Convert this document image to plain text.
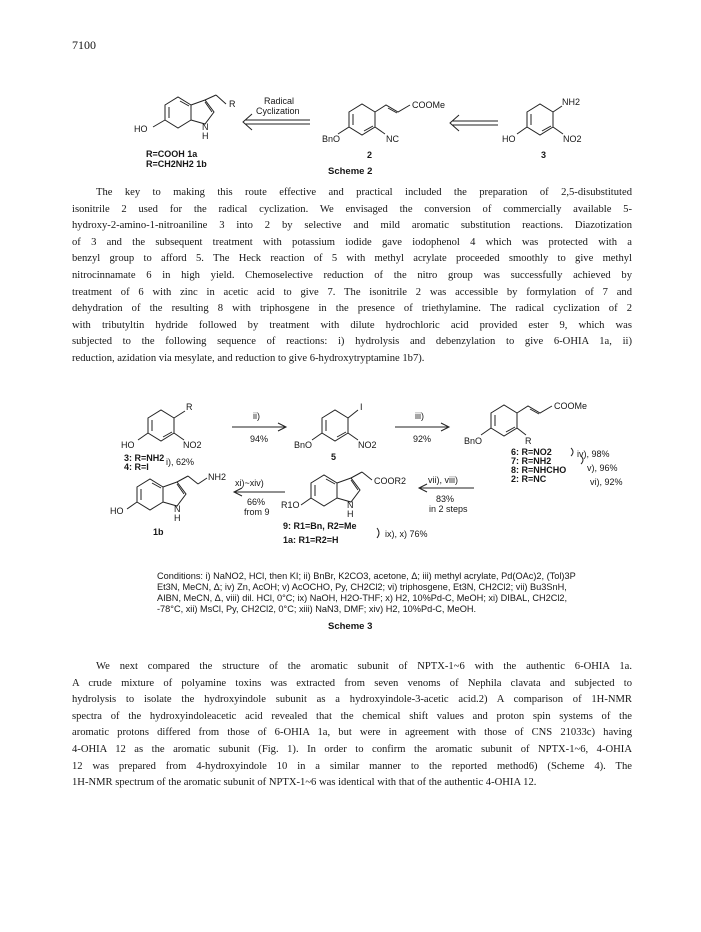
7100
R
HO	N
H
R=COOH 1a
R=CH2NH2 1b
Radical
Cyclization
COOMe
BnO	NC
2
NH2
HO	NO2
3
Scheme 2
The key to making this route effective and practical included the preparation of 2,5-disubstituted
isonitrile 2 used for the radical cyclization. We envisaged the conversion of commercially available 5-
hydroxy-2-amino-1-nitroaniline 3 into 2 by selective and mild aromatic substitution reactions. Diazotization
of 3 and the subsequent treatment with potassium iodide gave iodophenol 4 which was protected with a
benzyl group to afford 5. The Heck reaction of 5 with methyl acrylate proceeded smoothly to give methyl
nitrocinnamate 6 in high yield. Chemoselective reduction of the nitro group was successfully achieved by
treatment of 6 with zinc in acetic acid to give 7. The isonitrile 2 was accessible by formylation of 7 and
dehydration of the resulting 8 with triphosgene in the presence of triethylamine. The radical cyclization of 2
with tributyltin hydride followed by treatment with dilute hydrochloric acid provided ester 9, which was
subjected to the following sequence of reactions: i) hydrolysis and debenzylation to give 6-OHIA 1a, ii)
reduction, azidation via mesylate, and reduction to give 6-hydroxytryptamine 1b7).
R
HO	NO2
3: R=NH2
4: R=I i), 62%
ii)
94%
I
BnO	NO2
5
iii)
92%
COOMe
BnO	R
6: R=NO2
7: R=NH2
8: R=NHCHO
2: R=NC
iv), 98%
v), 96%
vi), 92%
NH2
HO	N
H
1b
xi)~xiv)
66%
from 9
R1O
COOR2
N
H
9: R1=Bn, R2=Me
1a: R1=R2=H
ix), x) 76%
vii), viii)
83%
in 2 steps
Conditions: i) NaNO2, HCl, then KI; ii) BnBr, K2CO3, acetone, Δ; iii) methyl acrylate, Pd(OAc)2, (Tol)3P
Et3N, MeCN, Δ; iv) Zn, AcOH; v) AcOCHO, Py, CH2Cl2; vi) triphosgene, Et3N, CH2Cl2; vii) Bu3SnH,
AIBN, MeCN, Δ, viii) dil. HCl, 0°C; ix) NaOH, H2O-THF; x) H2, 10%Pd-C, MeOH; xi) DIBAL, CH2Cl2,
-78°C, xii) MsCl, Py, CH2Cl2, 0°C; xiii) NaN3, DMF; xiv) H2, 10%Pd-C, MeOH.
Scheme 3
We next compared the structure of the aromatic subunit of NPTX-1~6 with the authentic 6-OHIA 1a.
A crude mixture of polyamine toxins was extracted from seven venoms of Nephila clavata and subjected to
hydrolysis to isolate the hydroxyindole subunit as a hydroxyindole-3-acetic acid.2) A comparison of 1H-NMR
spectra of the hydroxyindoleacetic acid revealed that the chemical shift values and proton spin systems of the
aromatic protons differed from those of 6-OHIA 1a, but were in agreement with those of CNS 21033c) having
4-OHIA 12 as the aromatic subunit (Fig. 1). In order to confirm the aromatic subunit of NPTX-1~6, 4-OHIA
12 was prepared from 4-hydroxyindole 10 in a similar manner to the reported method6) (Scheme 4). The
1H-NMR spectrum of the aromatic subunit of NPTX-1~6 was identical with that of the authentic 4-OHIA 12.
